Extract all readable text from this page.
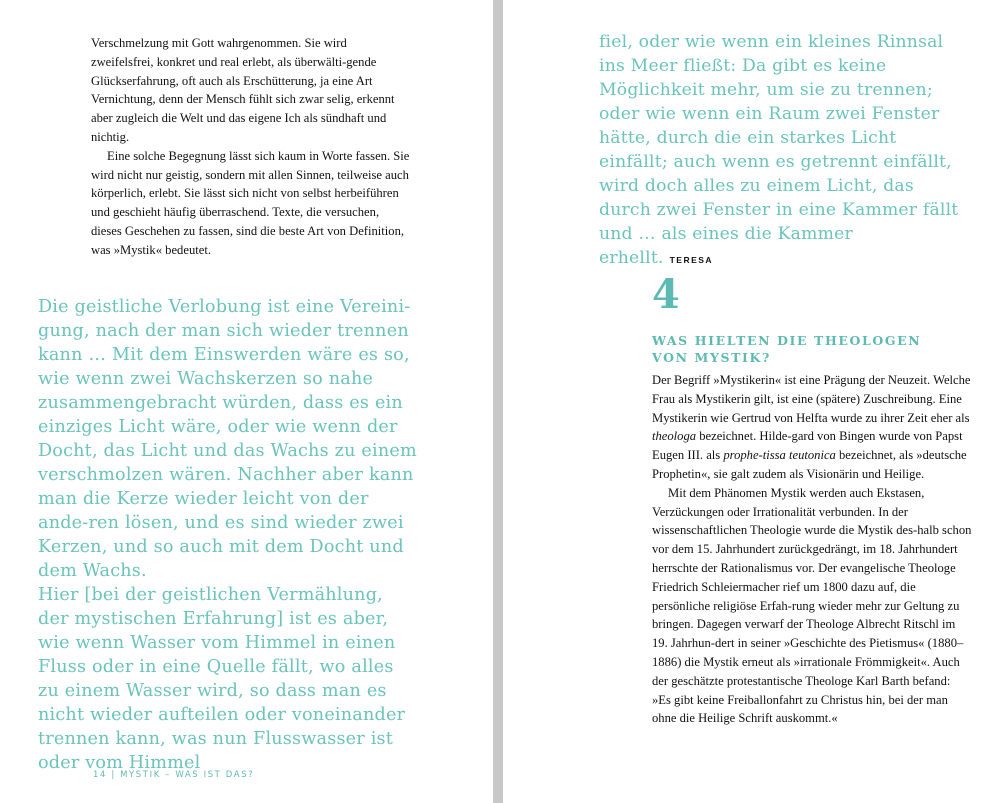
Verschmelzung mit Gott wahrgenommen. Sie wird zweifelsfrei, konkret und real erlebt, als überwälti-gende Glückserfahrung, oft auch als Erschütterung, ja eine Art Vernichtung, denn der Mensch fühlt sich zwar selig, erkennt aber zugleich die Welt und das eigene Ich als sündhaft und nichtig.

Eine solche Begegnung lässt sich kaum in Worte fassen. Sie wird nicht nur geistig, sondern mit allen Sinnen, teilweise auch körperlich, erlebt. Sie lässt sich nicht von selbst herbeiführen und geschieht häufig überraschend. Texte, die versuchen, dieses Geschehen zu fassen, sind die beste Art von Definition, was »Mystik« bedeutet.

Die geistliche Verlobung ist eine Vereini-gung, nach der man sich wieder trennen kann … Mit dem Einswerden wäre es so, wie wenn zwei Wachskerzen so nahe zusammengebracht würden, dass es ein einziges Licht wäre, oder wie wenn der Docht, das Licht und das Wachs zu einem verschmolzen wären. Nachher aber kann man die Kerze wieder leicht von der ande-ren lösen, und es sind wieder zwei Kerzen, und so auch mit dem Docht und dem Wachs.

Hier [bei der geistlichen Vermählung, der mystischen Erfahrung] ist es aber, wie wenn Wasser vom Himmel in einen Fluss oder in eine Quelle fällt, wo alles zu einem Wasser wird, so dass man es nicht wieder aufteilen oder voneinander trennen kann, was nun Flusswasser ist oder vom Himmel

14 | MYSTIK – WAS IST DAS?

fiel, oder wie wenn ein kleines Rinnsal ins Meer fließt: Da gibt es keine Möglichkeit mehr, um sie zu trennen; oder wie wenn ein Raum zwei Fenster hätte, durch die ein starkes Licht einfällt; auch wenn es getrennt einfällt, wird doch alles zu einem Licht, das durch zwei Fenster in eine Kammer fällt und … als eines die Kammer erhellt. TERESA

4
WAS HIELTEN DIE THEOLOGEN VON MYSTIK?

Der Begriff »Mystikerin« ist eine Prägung der Neuzeit. Welche Frau als Mystikerin gilt, ist eine (spätere) Zuschreibung. Eine Mystikerin wie Gertrud von Helfta wurde zu ihrer Zeit eher als theologa bezeichnet. Hilde-gard von Bingen wurde von Papst Eugen III. als prophe-tissa teutonica bezeichnet, als »deutsche Prophetin«, sie galt zudem als Visionärin und Heilige.

Mit dem Phänomen Mystik werden auch Ekstasen, Verzückungen oder Irrationalität verbunden. In der wissenschaftlichen Theologie wurde die Mystik des-halb schon vor dem 15. Jahrhundert zurückgedrängt, im 18. Jahrhundert herrschte der Rationalismus vor. Der evangelische Theologe Friedrich Schleiermacher rief um 1800 dazu auf, die persönliche religiöse Erfah-rung wieder mehr zur Geltung zu bringen. Dagegen verwarf der Theologe Albrecht Ritschl im 19. Jahrhun-dert in seiner »Geschichte des Pietismus« (1880–1886) die Mystik erneut als »irrationale Frömmigkeit«. Auch der geschätzte protestantische Theologe Karl Barth befand: »Es gibt keine Freiballonfahrt zu Christus hin, bei der man ohne die Heilige Schrift auskommt.«
